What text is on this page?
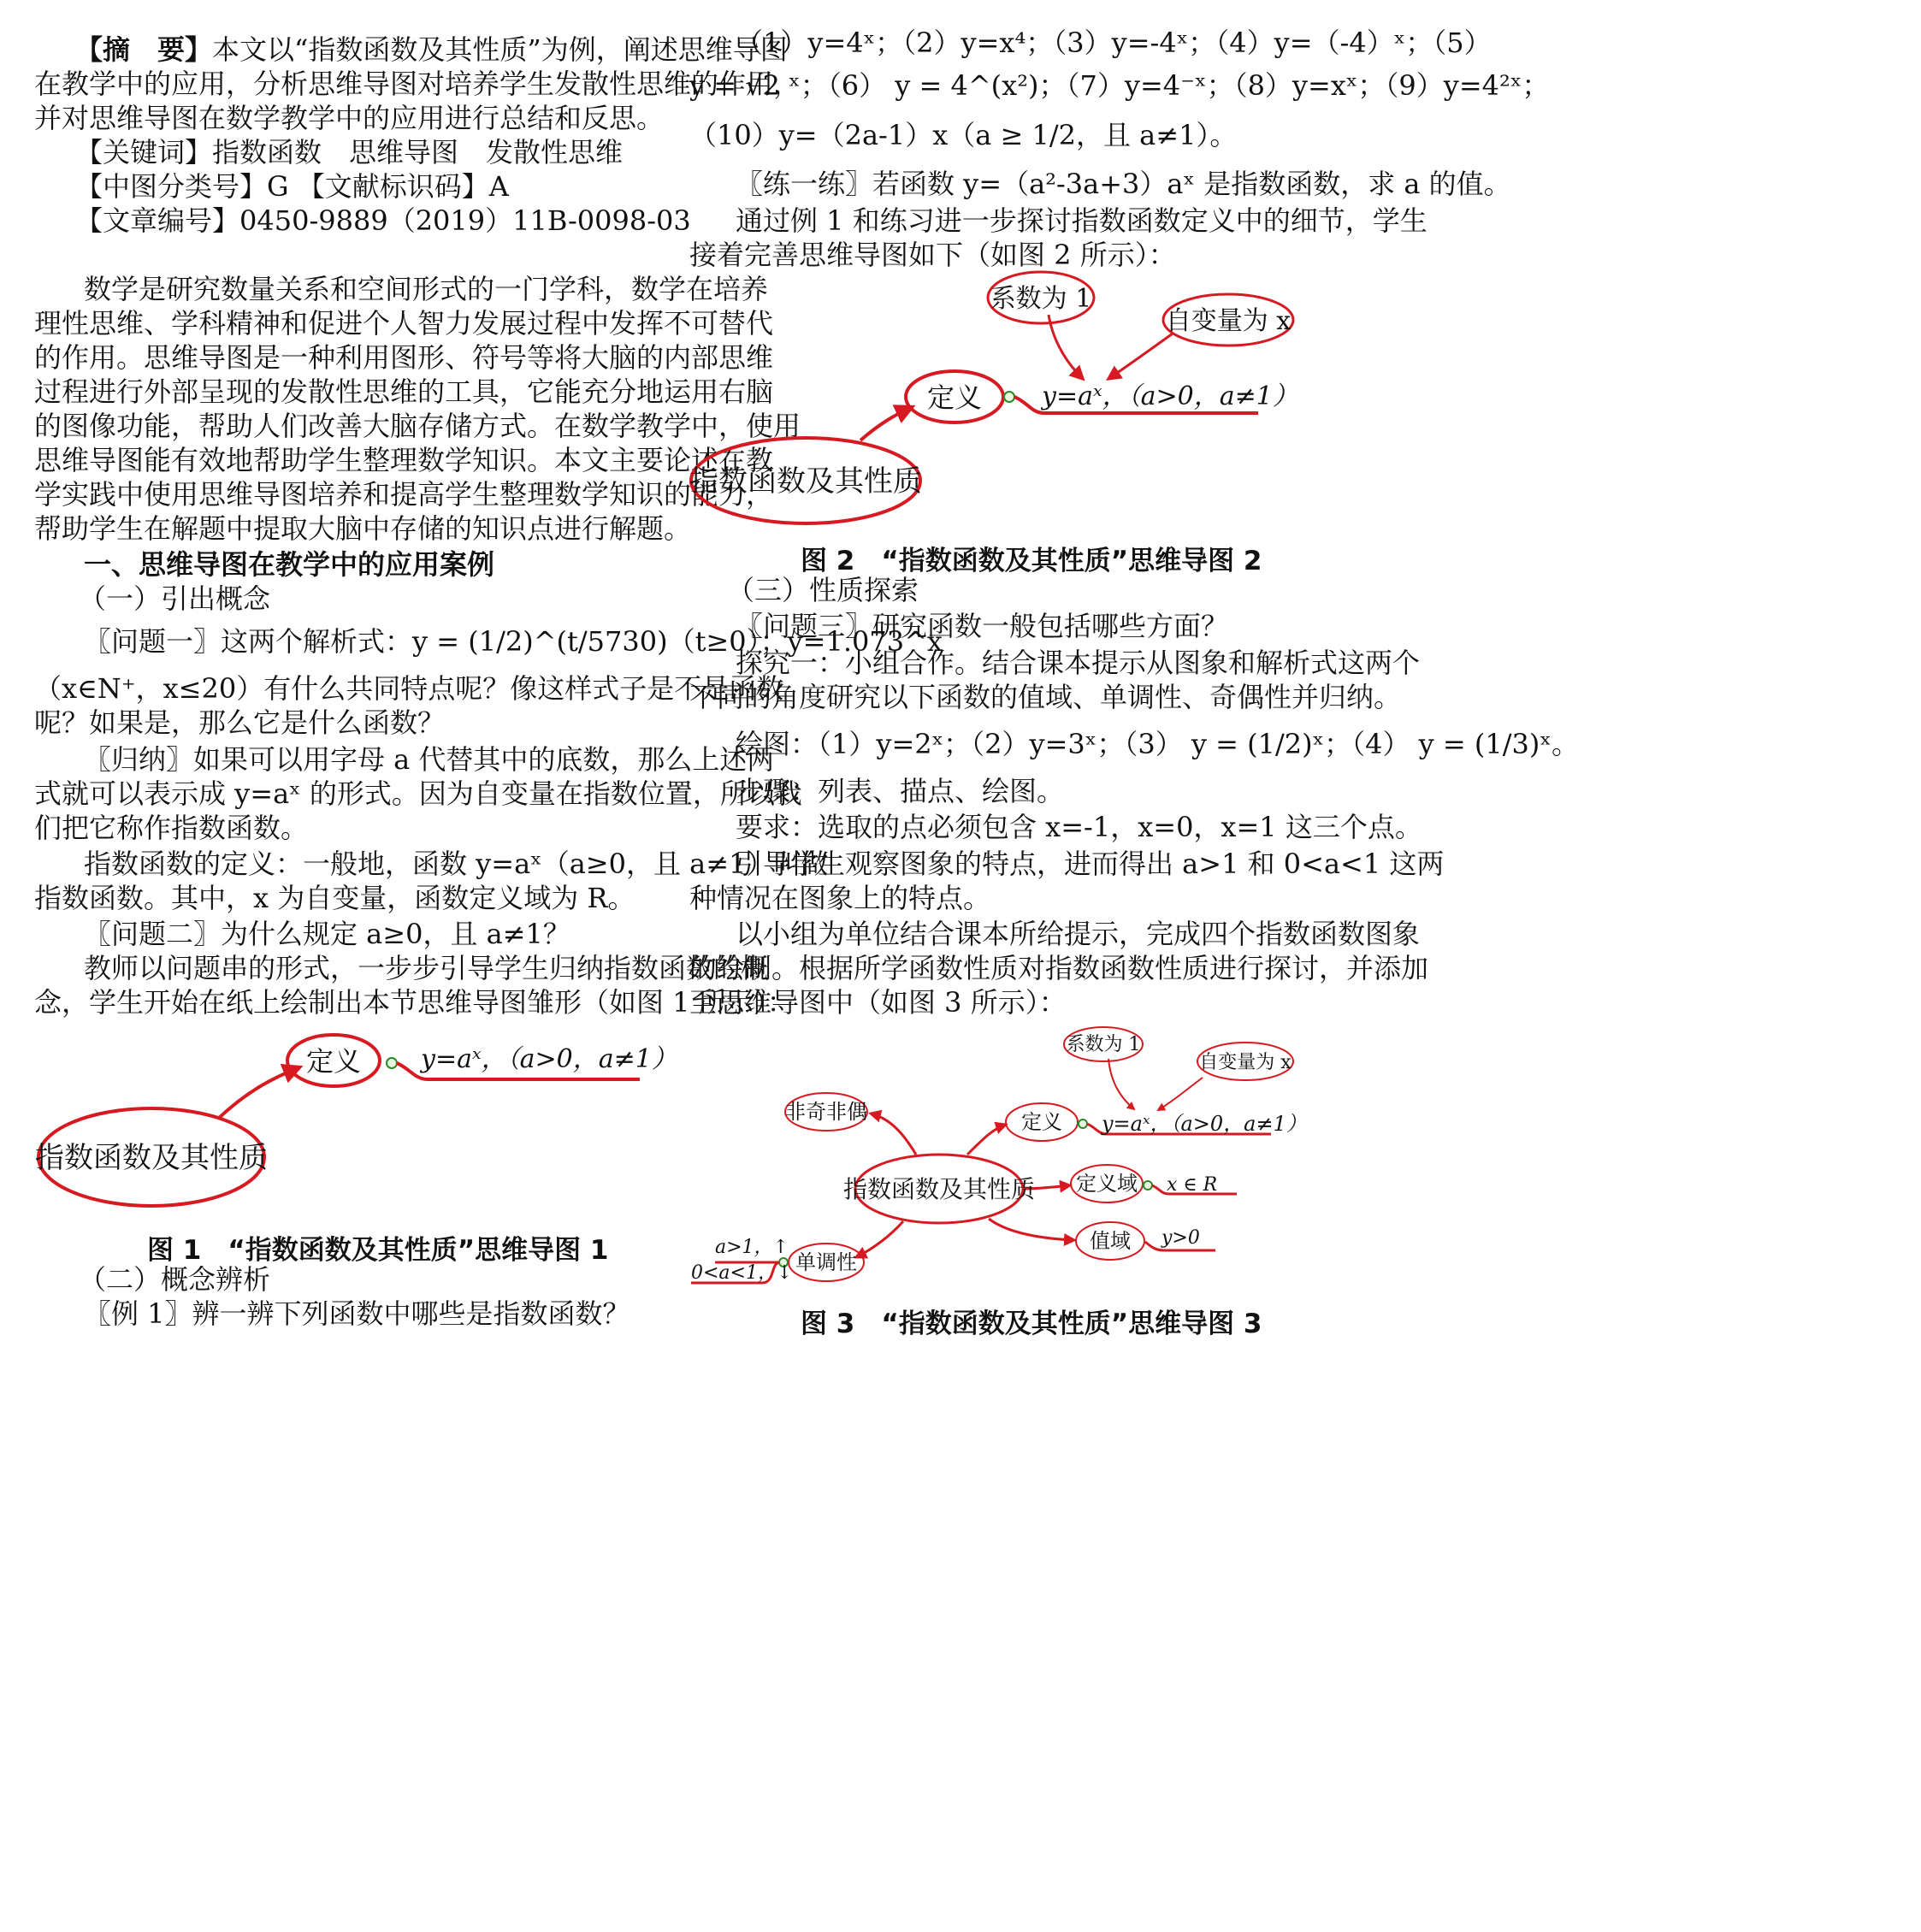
【摘　要】本文以“指数函数及其性质”为例，阐述思维导图
在教学中的应用，分析思维导图对培养学生发散性思维的作用，
并对思维导图在数学教学中的应用进行总结和反思。
【关键词】指数函数　思维导图　发散性思维
【中图分类号】G 【文献标识码】A
【文章编号】0450-9889（2019）11B-0098-03
数学是研究数量关系和空间形式的一门学科，数学在培养
理性思维、学科精神和促进个人智力发展过程中发挥不可替代
的作用。思维导图是一种利用图形、符号等将大脑的内部思维
过程进行外部呈现的发散性思维的工具，它能充分地运用右脑
的图像功能，帮助人们改善大脑存储方式。在数学教学中，使用
思维导图能有效地帮助学生整理数学知识。本文主要论述在教
学实践中使用思维导图培养和提高学生整理数学知识的能力，
帮助学生在解题中提取大脑中存储的知识点进行解题。
一、思维导图在教学中的应用案例
（一）引出概念
〖问题一〗这两个解析式：y = (1/2)^(t/5730)（t≥0）；y=1.073^x
（x∈N⁺，x≤20）有什么共同特点呢？像这样式子是不是函数
呢？如果是，那么它是什么函数？
〖归纳〗如果可以用字母 a 代替其中的底数，那么上述两
式就可以表示成 y=aˣ 的形式。因为自变量在指数位置，所以我
们把它称作指数函数。
指数函数的定义：一般地，函数 y=aˣ（a≥0，且 a≠1）叫做
指数函数。其中，x 为自变量，函数定义域为 R。
〖问题二〗为什么规定 a≥0，且 a≠1？
教师以问题串的形式，一步步引导学生归纳指数函数的概
念，学生开始在纸上绘制出本节思维导图雏形（如图 1 所示）：
指数函数及其性质
定义 y=aˣ，（a>0，a≠1）
图 1　“指数函数及其性质”思维导图 1
（二）概念辨析
〖例 1〗辨一辨下列函数中哪些是指数函数？
（1）y=4ˣ；（2）y=x⁴；（3）y=-4ˣ；（4）y=（-4）ˣ；（5）
y = √2 ˣ；（6） y = 4^(x²)；（7）y=4⁻ˣ；（8）y=xˣ；（9）y=4²ˣ；
（10）y=（2a-1）x（a ≥ 1/2，且 a≠1）。
〖练一练〗若函数 y=（a²-3a+3）aˣ 是指数函数，求 a 的值。
通过例 1 和练习进一步探讨指数函数定义中的细节，学生
接着完善思维导图如下（如图 2 所示）：
指数函数及其性质
定义 y=aˣ，（a>0，a≠1）
系数为 1
自变量为 x
图 2　“指数函数及其性质”思维导图 2
（三）性质探索
〖问题三〗研究函数一般包括哪些方面？
探究一：小组合作。结合课本提示从图象和解析式这两个
不同的角度研究以下函数的值域、单调性、奇偶性并归纳。
绘图：（1）y=2ˣ；（2）y=3ˣ；（3） y = (1/2)ˣ；（4） y = (1/3)ˣ。
步骤：列表、描点、绘图。
要求：选取的点必须包含 x=-1，x=0，x=1 这三个点。
引导学生观察图象的特点，进而得出 a>1 和 0<a<1 这两
种情况在图象上的特点。
以小组为单位结合课本所给提示，完成四个指数函数图象
的绘制。根据所学函数性质对指数函数性质进行探讨，并添加
至思维导图中（如图 3 所示）：
指数函数及其性质
非奇非偶	定义 y=aˣ，（a>0，a≠1）
系数为 1
自变量为 x
定义域 x ∈ R
值域 y>0
单调性
a>1，↑
0<a<1，↓
图 3　“指数函数及其性质”思维导图 3
